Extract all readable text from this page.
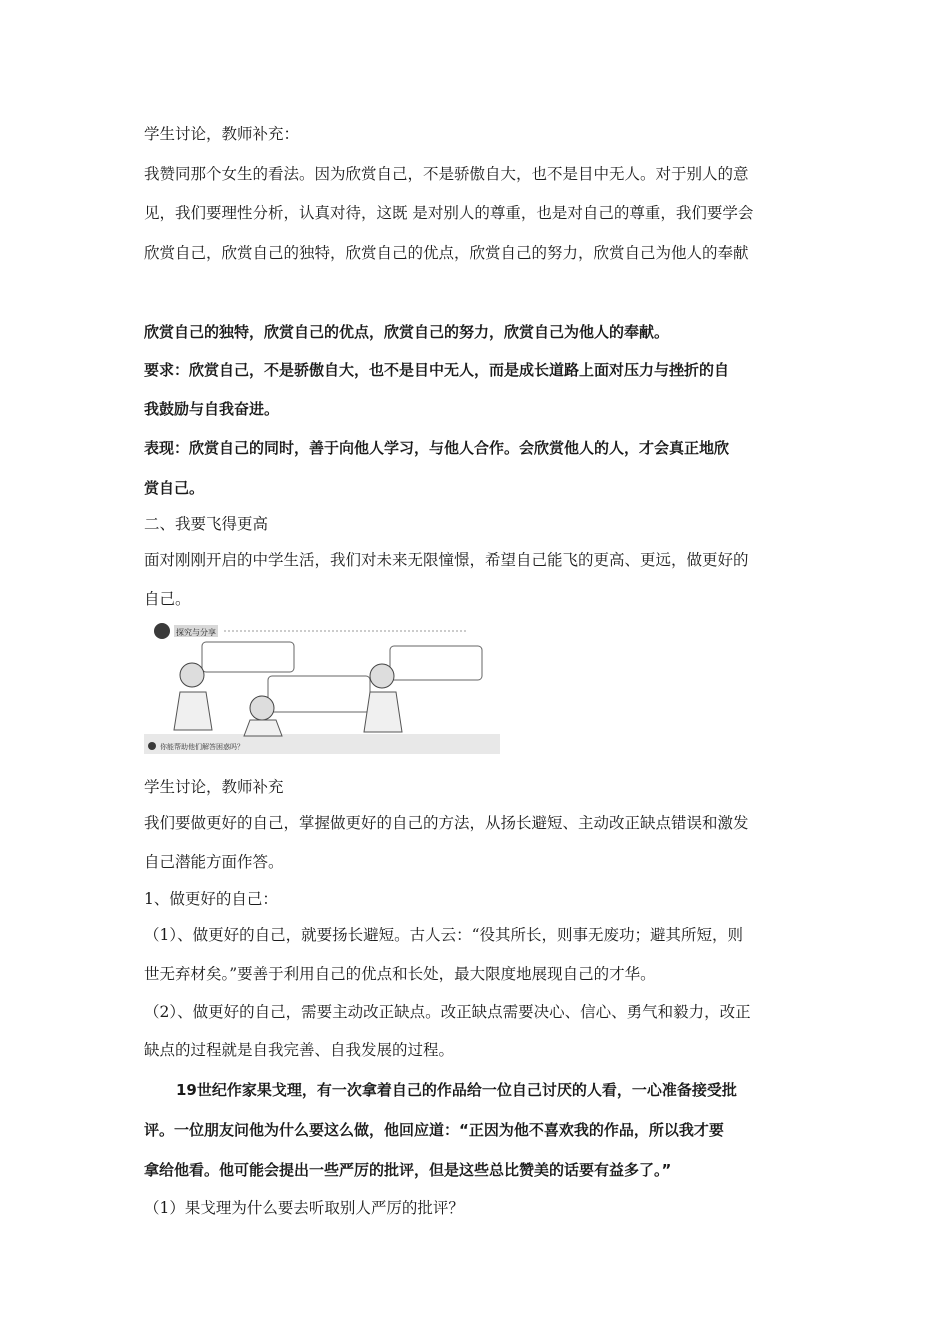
学生讨论，教师补充：
我赞同那个女生的看法。因为欣赏自己，不是骄傲自大，也不是目中无人。对于别人的意
见，我们要理性分析，认真对待，这既 是对别人的尊重，也是对自己的尊重，我们要学会
欣赏自己，欣赏自己的独特，欣赏自己的优点，欣赏自己的努力，欣赏自己为他人的奉献
欣赏自己的独特，欣赏自己的优点，欣赏自己的努力，欣赏自己为他人的奉献。
要求：欣赏自己，不是骄傲自大，也不是目中无人，而是成长道路上面对压力与挫折的自
我鼓励与自我奋进。
表现：欣赏自己的同时，善于向他人学习，与他人合作。会欣赏他人的人，才会真正地欣
赏自己。
二、我要飞得更高
面对刚刚开启的中学生活，我们对未来无限憧憬，希望自己能飞的更高、更远，做更好的
自己。
探究与分享
你能帮助他们解答困惑吗？
学生讨论，教师补充
我们要做更好的自己，掌握做更好的自己的方法，从扬长避短、主动改正缺点错误和激发
自己潜能方面作答。
1、做更好的自己：
（1）、做更好的自己，就要扬长避短。古人云：“役其所长，则事无废功；避其所短，则
世无弃材矣。”要善于利用自己的优点和长处，最大限度地展现自己的才华。
（2）、做更好的自己，需要主动改正缺点。改正缺点需要决心、信心、勇气和毅力，改正
缺点的过程就是自我完善、自我发展的过程。
19世纪作家果戈理，有一次拿着自己的作品给一位自己讨厌的人看，一心准备接受批
评。一位朋友问他为什么要这么做，他回应道：“正因为他不喜欢我的作品，所以我才要
拿给他看。他可能会提出一些严厉的批评，但是这些总比赞美的话要有益多了。”
（1）果戈理为什么要去听取别人严厉的批评？
